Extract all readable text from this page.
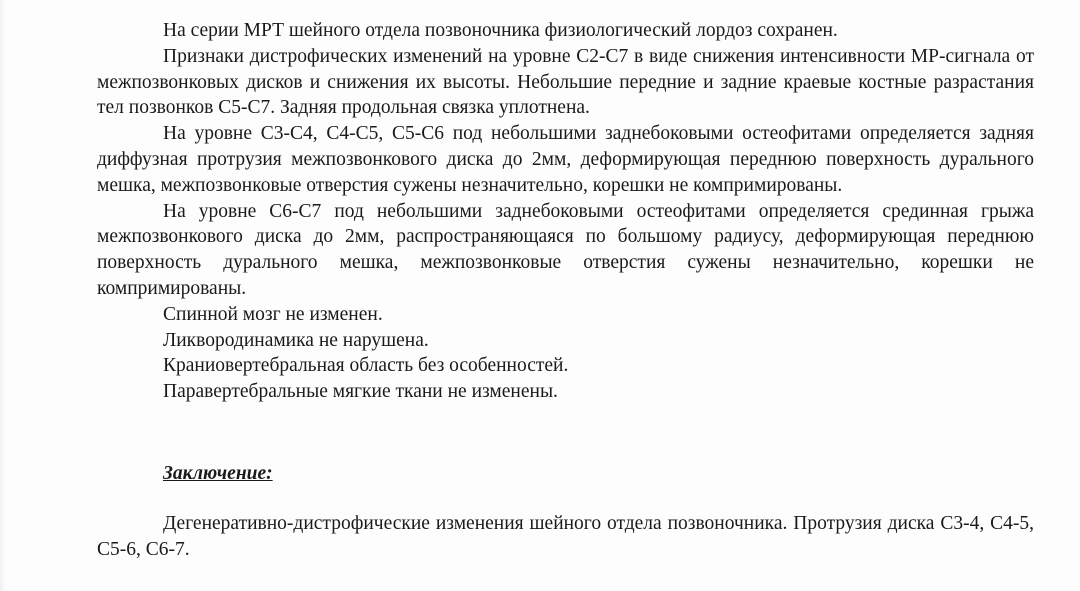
На серии МРТ шейного отдела позвоночника физиологический лордоз сохранен.

Признаки дистрофических изменений на уровне С2-С7 в виде снижения интенсивности МР-сигнала от межпозвонковых дисков и снижения их высоты. Небольшие передние и задние краевые костные разрастания тел позвонков С5-С7. Задняя продольная связка уплотнена.

На уровне С3-С4, С4-С5, С5-С6 под небольшими заднебоковыми остеофитами определяется задняя диффузная протрузия межпозвонкового диска до 2мм, деформирующая переднюю поверхность дурального мешка, межпозвонковые отверстия сужены незначительно, корешки не компримированы.

На уровне С6-С7 под небольшими заднебоковыми остеофитами определяется срединная грыжа межпозвонкового диска до 2мм, распространяющаяся по большому радиусу, деформирующая переднюю поверхность дурального мешка, межпозвонковые отверстия сужены незначительно, корешки не компримированы.

Спинной мозг не изменен.
Ликвородинамика не нарушена.
Краниовертебральная область без особенностей.
Паравертебральные мягкие ткани не изменены.
Заключение:

Дегенеративно-дистрофические изменения шейного отдела позвоночника. Протрузия диска С3-4, С4-5, С5-6, С6-7.
